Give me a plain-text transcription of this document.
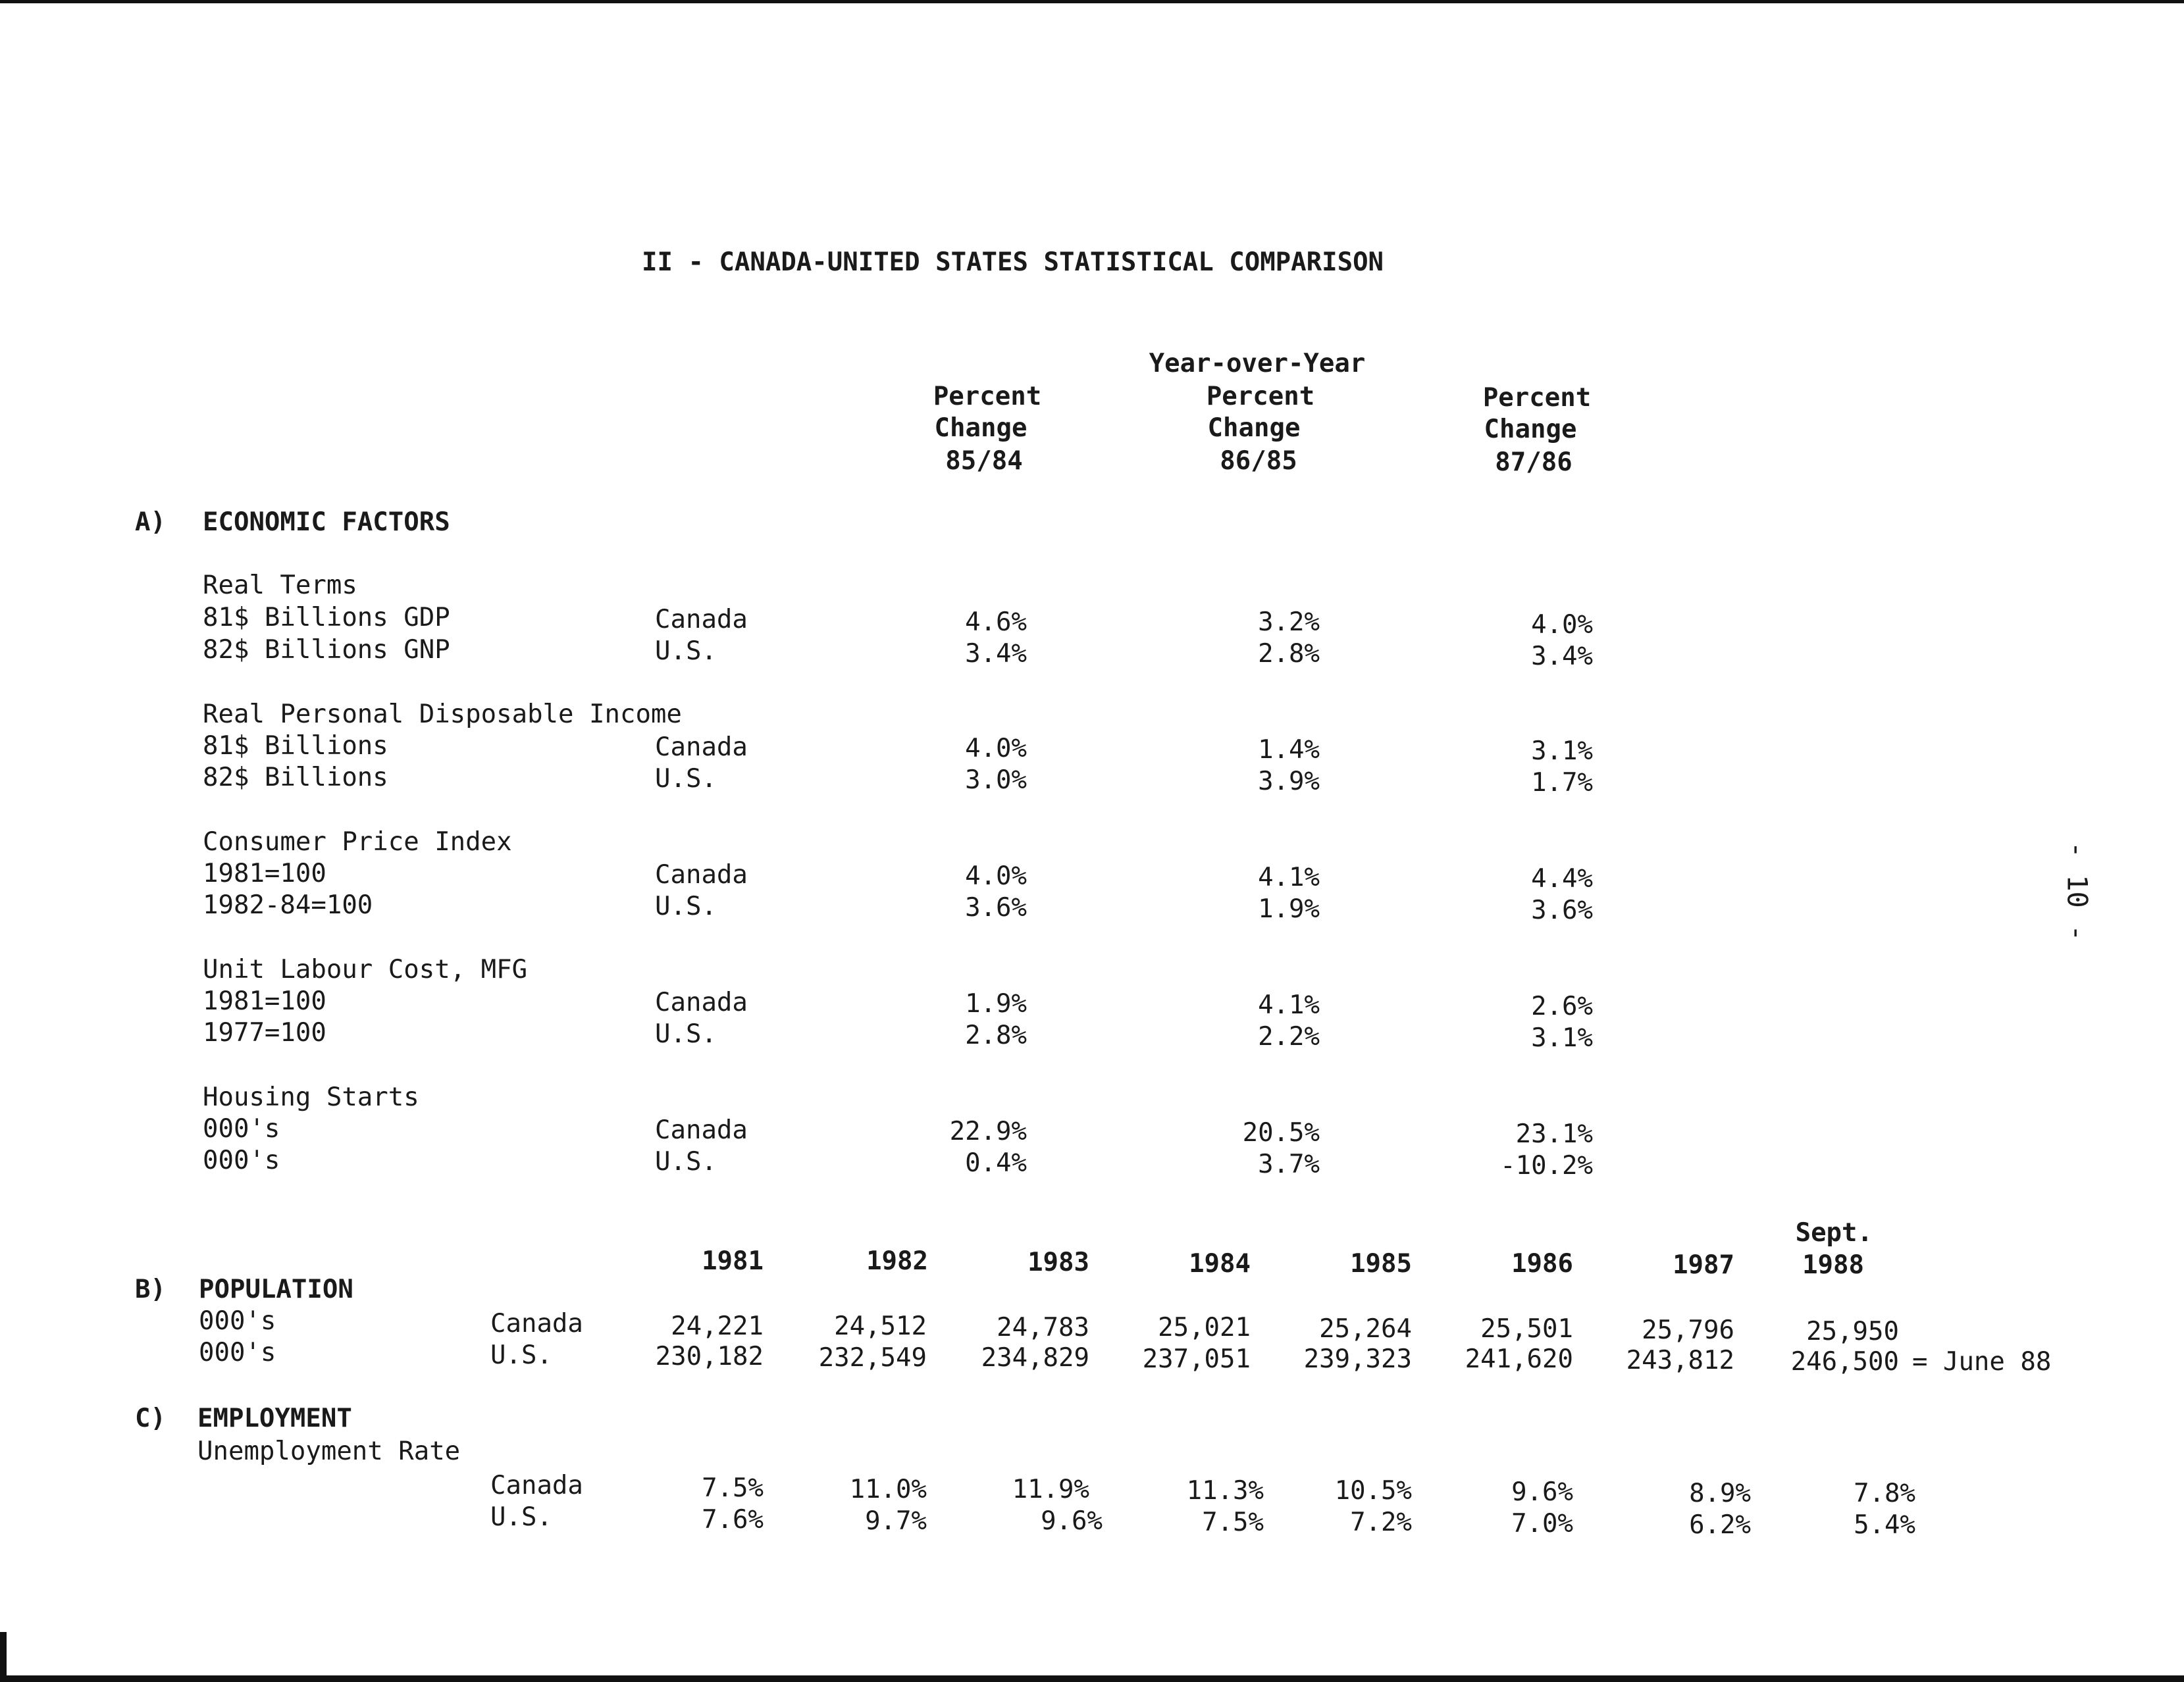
II - CANADA-UNITED STATES STATISTICAL COMPARISON
Year-over-Year
Percent
Change
85/84
Percent
Change
86/85
Percent
Change
87/86
A) ECONOMIC FACTORS
Real Terms
81$ Billions GDP	Canada	4.6%	3.2%	4.0%
82$ Billions GNP	U.S.	3.4%	2.8%	3.4%
Real Personal Disposable Income
81$ Billions	Canada	4.0%	1.4%	3.1%
82$ Billions	U.S.	3.0%	3.9%	1.7%
Consumer Price Index
1981=100	Canada	4.0%	4.1%	4.4%
1982-84=100	U.S.	3.6%	1.9%	3.6%
Unit Labour Cost, MFG
1981=100	Canada	1.9%	4.1%	2.6%
1977=100	U.S.	2.8%	2.2%	3.1%
Housing Starts
000's	Canada	22.9%	20.5%	23.1%
000's	U.S.	0.4%	3.7%	-10.2%
1981	1982	1983	1984	1985	1986	1987
Sept.
1988
B) POPULATION
000's	Canada	24,221	24,512	24,783	25,021	25,264	25,501	25,796	25,950
000's	U.S.	230,182	232,549	234,829	237,051	239,323	241,620	243,812	246,500 = June 88
C) EMPLOYMENT
Unemployment Rate
Canada	7.5%	11.0%	11.9%	11.3%	10.5%	9.6%	8.9%	7.8%
U.S.	7.6%	9.7%	9.6%	7.5%	7.2%	7.0%	6.2%	5.4%
- 10 -
